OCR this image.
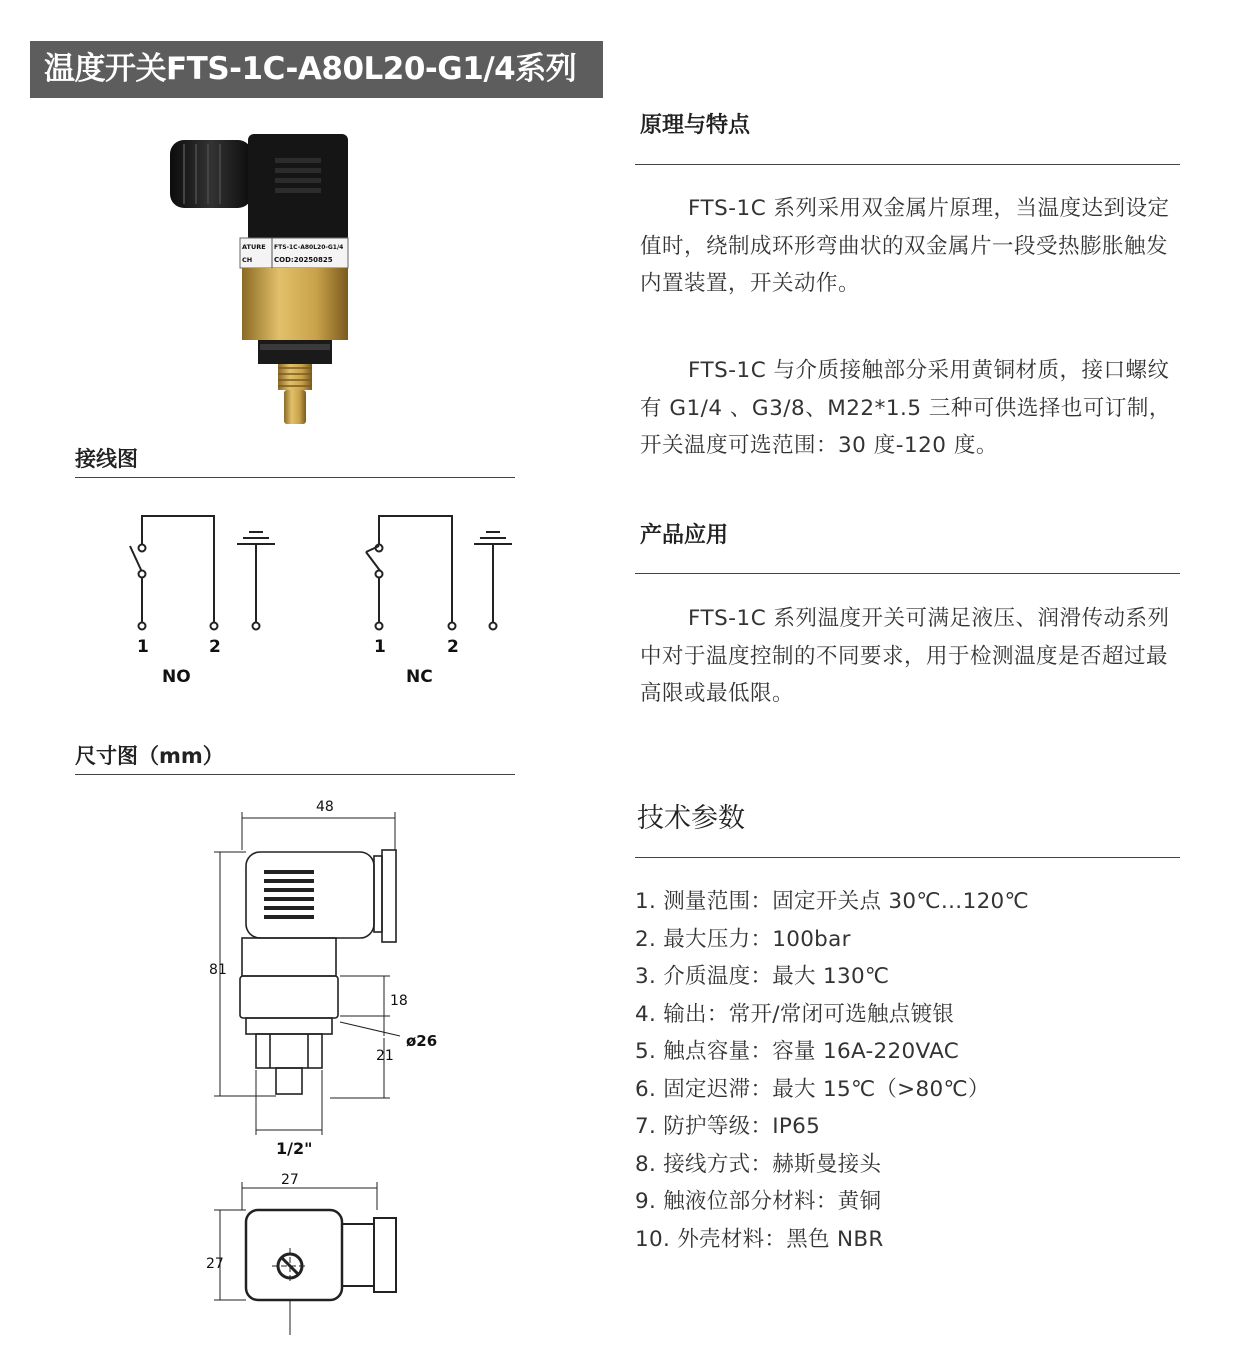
温度开关FTS-1C-A80L20-G1/4系列
ATURE FTS-1C-A80L20-G1/4
CH	COD:20250825
接线图
1	2
NO
1	2
NC
尺寸图（mm）
48
81
18
ø26
21
1/2"
27
27
原理与特点

FTS-1C 系列采用双金属片原理，当温度达到设定值时，绕制成环形弯曲状的双金属片一段受热膨胀触发内置装置，开关动作。

FTS-1C 与介质接触部分采用黄铜材质，接口螺纹有 G1/4 、G3/8、M22*1.5 三种可供选择也可订制，开关温度可选范围：30 度-120 度。

产品应用

FTS-1C 系列温度开关可满足液压、润滑传动系列中对于温度控制的不同要求，用于检测温度是否超过最高限或最低限。

技术参数
1. 测量范围：固定开关点 30℃…120℃
2. 最大压力：100bar
3. 介质温度：最大 130℃
4. 输出：常开/常闭可选触点镀银
5. 触点容量：容量 16A-220VAC
6. 固定迟滞：最大 15℃（>80℃）
7. 防护等级：IP65
8. 接线方式：赫斯曼接头
9. 触液位部分材料：黄铜
10. 外壳材料：黑色 NBR
